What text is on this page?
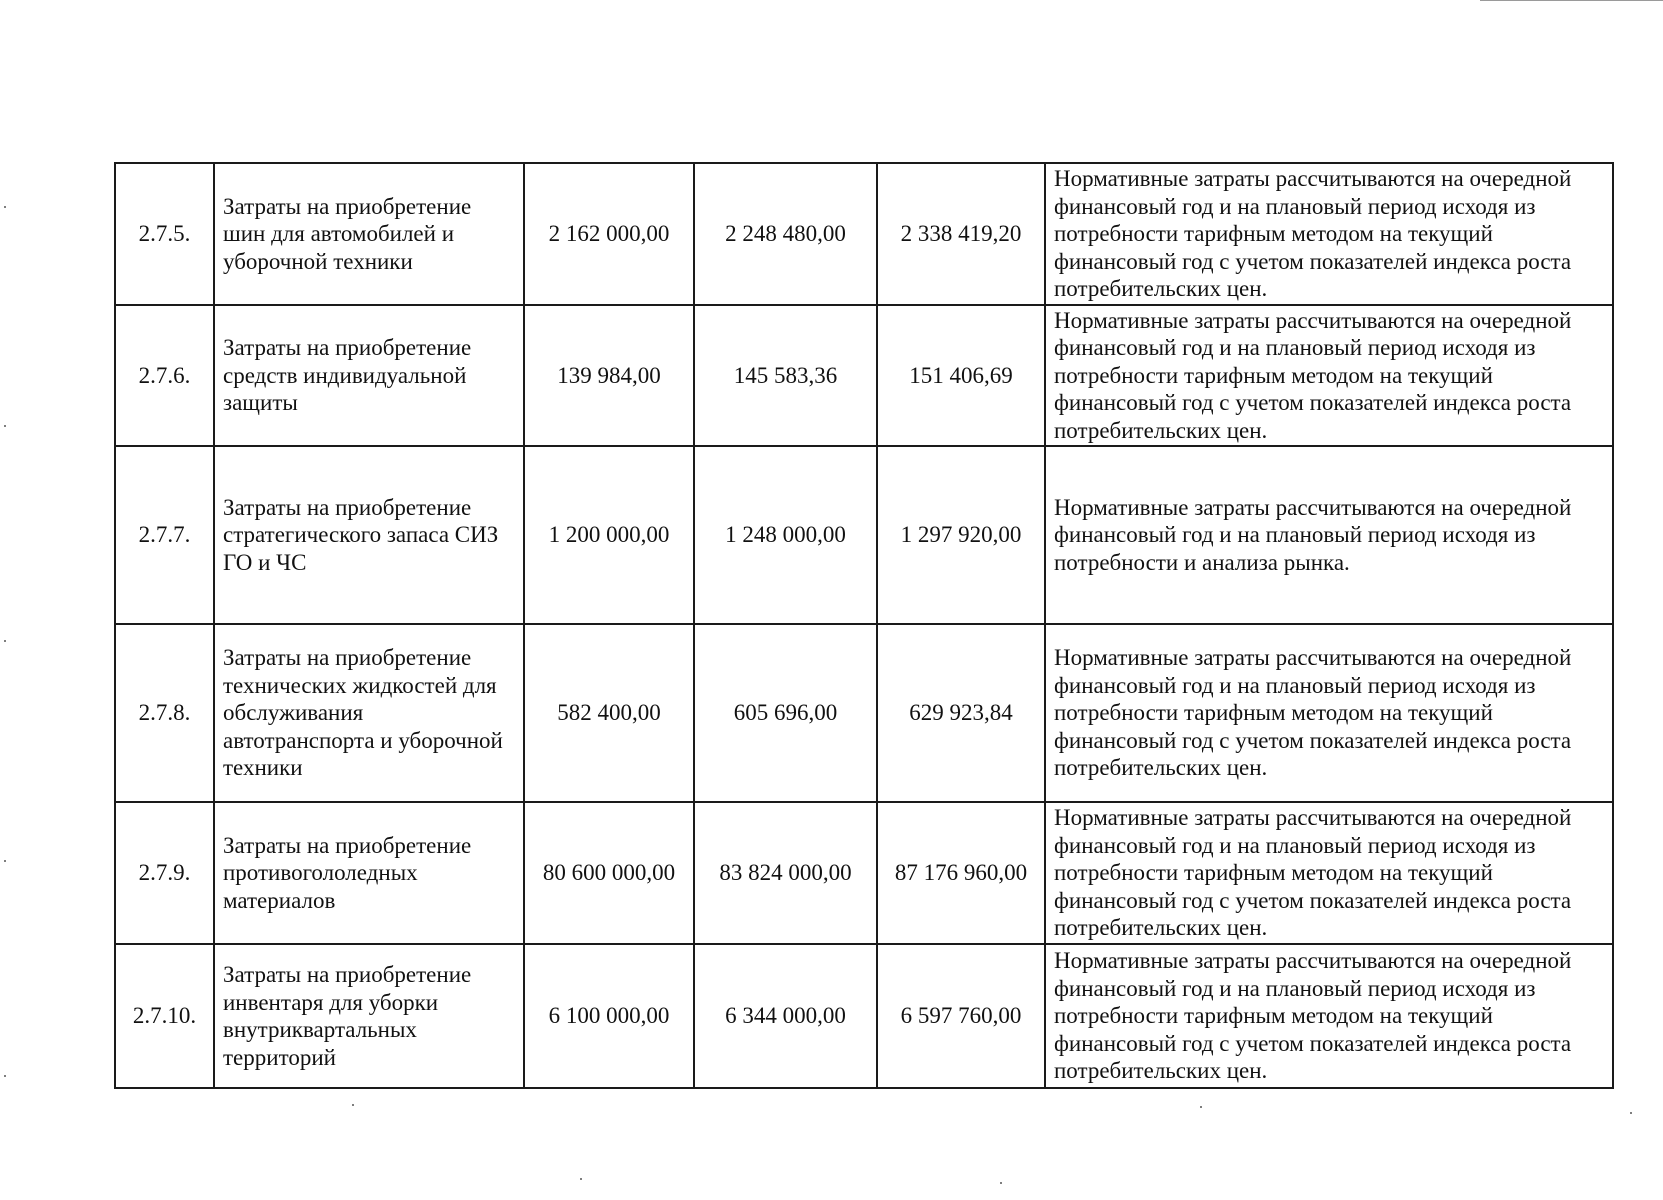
2.7.5.	Затраты на приобретение шин для автомобилей и уборочной техники	2 162 000,00	2 248 480,00	2 338 419,20	Нормативные затраты рассчитываются на очередной финансовый год и на плановый период исходя из потребности тарифным методом на текущий финансовый год с учетом показателей индекса роста потребительских цен.
2.7.6.	Затраты на приобретение средств индивидуальной защиты	139 984,00	145 583,36	151 406,69	Нормативные затраты рассчитываются на очередной финансовый год и на плановый период исходя из потребности тарифным методом на текущий финансовый год с учетом показателей индекса роста потребительских цен.
2.7.7.	Затраты на приобретение стратегического запаса СИЗ ГО и ЧС	1 200 000,00	1 248 000,00	1 297 920,00	Нормативные затраты рассчитываются на очередной финансовый год и на плановый период исходя из потребности и анализа рынка.
2.7.8.	Затраты на приобретение технических жидкостей для обслуживания автотранспорта и уборочной техники	582 400,00	605 696,00	629 923,84	Нормативные затраты рассчитываются на очередной финансовый год и на плановый период исходя из потребности тарифным методом на текущий финансовый год с учетом показателей индекса роста потребительских цен.
2.7.9.	Затраты на приобретение противогололедных материалов	80 600 000,00	83 824 000,00	87 176 960,00	Нормативные затраты рассчитываются на очередной финансовый год и на плановый период исходя из потребности тарифным методом на текущий финансовый год с учетом показателей индекса роста потребительских цен.
2.7.10.	Затраты на приобретение инвентаря для уборки внутриквартальных территорий	6 100 000,00	6 344 000,00	6 597 760,00	Нормативные затраты рассчитываются на очередной финансовый год и на плановый период исходя из потребности тарифным методом на текущий финансовый год с учетом показателей индекса роста потребительских цен.
